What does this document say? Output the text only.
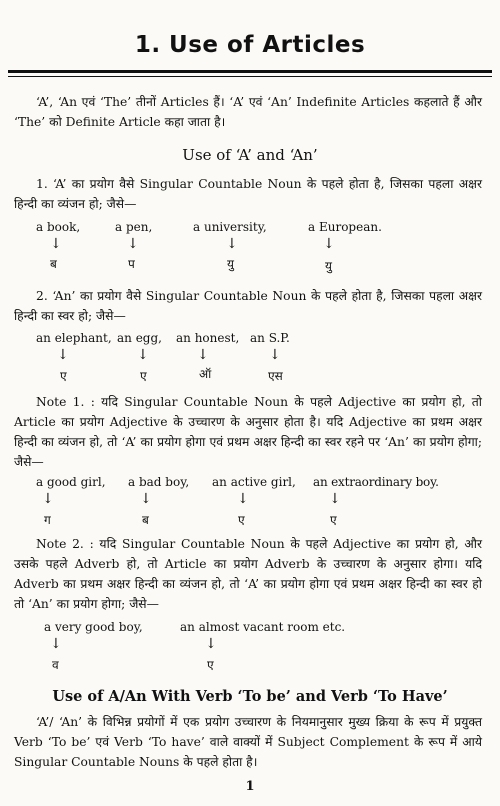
1. Use of Articles
‘A’, ‘An एवं ‘The’ तीनों Articles हैं। ‘A’ एवं ‘An’ Indefinite Articles कहलाते हैं और ‘The’ को Definite Article कहा जाता है।
Use of ‘A’ and ‘An’
1. ‘A’ का प्रयोग वैसे Singular Countable Noun के पहले होता है, जिसका पहला अक्षर हिन्दी का व्यंजन हो; जैसे—
a book,
↓
ब
a pen,
↓
प
a university,
↓
यु
a European.
↓
यु
2. ‘An’ का प्रयोग वैसे Singular Countable Noun के पहले होता है, जिसका पहला अक्षर हिन्दी का स्वर हो; जैसे—
an elephant,
↓
ए
an egg,
↓
ए
an honest,
↓
ऑ
an S.P.
↓
एस
Note 1. : यदि Singular Countable Noun के पहले Adjective का प्रयोग हो, तो Article का प्रयोग Adjective के उच्चारण के अनुसार होता है। यदि Adjective का प्रथम अक्षर हिन्दी का व्यंजन हो, तो ‘A’ का प्रयोग होगा एवं प्रथम अक्षर हिन्दी का स्वर रहने पर ‘An’ का प्रयोग होगा; जैसे—
a good girl,
↓
ग
a bad boy,
↓
ब
an active girl,
↓
ए
an extraordinary boy.
↓
ए
Note 2. : यदि Singular Countable Noun के पहले Adjective का प्रयोग हो, और उसके पहले Adverb हो, तो Article का प्रयोग Adverb के उच्चारण के अनुसार होगा। यदि Adverb का प्रथम अक्षर हिन्दी का व्यंजन हो, तो ‘A’ का प्रयोग होगा एवं प्रथम अक्षर हिन्दी का स्वर हो तो ‘An’ का प्रयोग होगा; जैसे—
a very good boy,
↓
व
an almost vacant room etc.
↓
ए
Use of A/An With Verb ‘To be’ and Verb ‘To Have’
‘A’/ ‘An’ के विभिन्न प्रयोगों में एक प्रयोग उच्चारण के नियमानुसार मुख्य क्रिया के रूप में प्रयुक्त Verb ‘To be’ एवं Verb ‘To have’ वाले वाक्यों में Subject Complement के रूप में आये Singular Countable Nouns के पहले होता है।
1
